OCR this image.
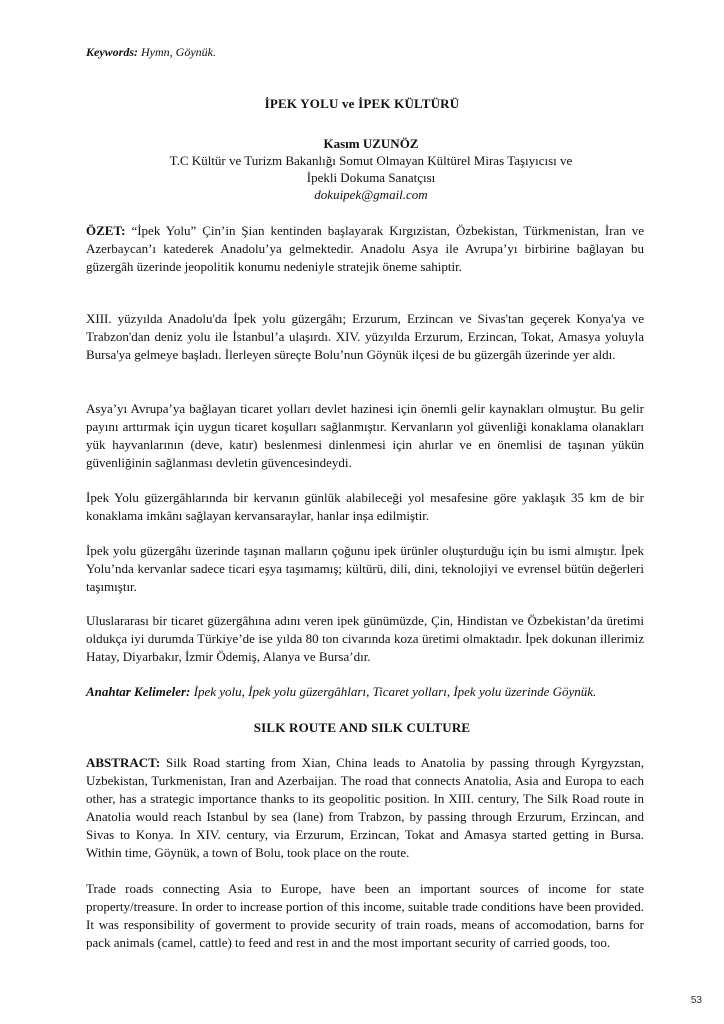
Keywords: Hymn, Göynük.
İPEK YOLU ve İPEK KÜLTÜRÜ
Kasım UZUNÖZ
T.C Kültür ve Turizm Bakanlığı Somut Olmayan Kültürel Miras Taşıyıcısı ve
İpekli Dokuma Sanatçısı
dokuipek@gmail.com
ÖZET: “İpek Yolu” Çin’in Şian kentinden başlayarak Kırgızistan, Özbekistan, Türkmenistan, İran ve Azerbaycan’ı katederek Anadolu’ya gelmektedir. Anadolu Asya ile Avrupa’yı birbirine bağlayan bu güzergâh üzerinde jeopolitik konumu nedeniyle stratejik öneme sahiptir.
XIII. yüzyılda Anadolu'da İpek yolu güzergâhı; Erzurum, Erzincan ve Sivas'tan geçerek Konya'ya ve Trabzon'dan deniz yolu ile İstanbul’a ulaşırdı. XIV. yüzyılda Erzurum, Erzincan, Tokat, Amasya yoluyla Bursa'ya gelmeye başladı. İlerleyen süreçte Bolu’nun Göynük ilçesi de bu güzergâh üzerinde yer aldı.
Asya’yı Avrupa’ya bağlayan ticaret yolları devlet hazinesi için önemli gelir kaynakları olmuştur. Bu gelir payını arttırmak için uygun ticaret koşulları sağlanmıştır. Kervanların yol güvenliği konaklama olanakları yük hayvanlarının (deve, katır) beslenmesi dinlenmesi için ahırlar ve en önemlisi de taşınan yükün güvenliğinin sağlanması devletin güvencesindeydi.
İpek Yolu güzergâhlarında bir kervanın günlük alabileceği yol mesafesine göre yaklaşık 35 km de bir konaklama imkânı sağlayan kervansaraylar, hanlar inşa edilmiştir.
İpek yolu güzergâhı üzerinde taşınan malların çoğunu ipek ürünler oluşturduğu için bu ismi almıştır. İpek Yolu’nda kervanlar sadece ticari eşya taşımamış; kültürü, dili, dini, teknolojiyi ve evrensel bütün değerleri taşımıştır.
Uluslararası bir ticaret güzergâhına adını veren ipek günümüzde, Çin, Hindistan ve Özbekistan’da üretimi oldukça iyi durumda Türkiye’de ise yılda 80 ton civarında koza üretimi olmaktadır. İpek dokunan illerimiz Hatay, Diyarbakır, İzmir Ödemiş, Alanya ve Bursa’dır.
Anahtar Kelimeler: İpek yolu, İpek yolu güzergâhları, Ticaret yolları, İpek yolu üzerinde Göynük.
SILK ROUTE AND SILK CULTURE
ABSTRACT: Silk Road starting from Xian, China leads to Anatolia by passing through Kyrgyzstan, Uzbekistan, Turkmenistan, Iran and Azerbaijan. The road that connects Anatolia, Asia and Europa to each other, has a strategic importance thanks to its geopolitic position. In XIII. century, The Silk Road route in Anatolia would reach Istanbul by sea (lane) from Trabzon, by passing through Erzurum, Erzincan, and Sivas to Konya. In XIV. century, via Erzurum, Erzincan, Tokat and Amasya started getting in Bursa. Within time, Göynük, a town of Bolu, took place on the route.
Trade roads connecting Asia to Europe, have been an important sources of income for state property/treasure. In order to increase portion of this income, suitable trade conditions have been provided. It was responsibility of goverment to provide security of train roads, means of accomodation, barns for pack animals (camel, cattle) to feed and rest in and the most important security of carried goods, too.
53
